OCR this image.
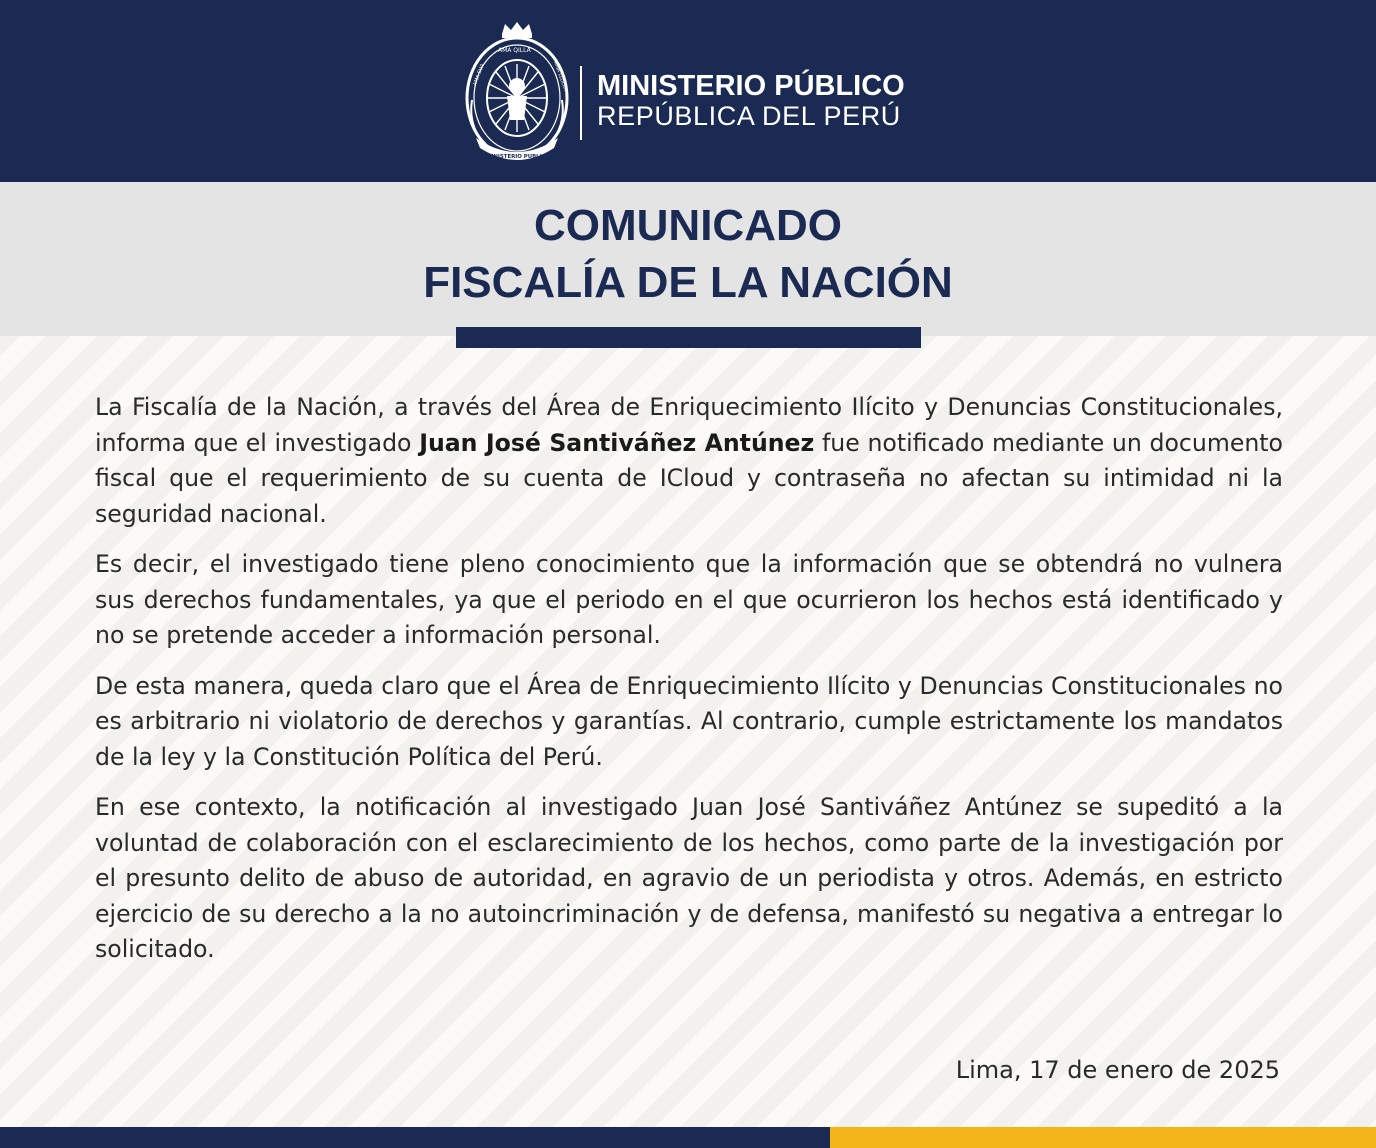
AMA QILLA
AMA SUA	AMA LLULLA
MINISTERIO PUBLICO
MINISTERIO PÚBLICO
REPÚBLICA DEL PERÚ
COMUNICADO
FISCALÍA DE LA NACIÓN

La Fiscalía de la Nación, a través del Área de Enriquecimiento Ilícito y Denuncias Constitucionales, informa que el investigado Juan José Santiváñez Antúnez fue notificado mediante un documento fiscal que el requerimiento de su cuenta de ICloud y contraseña no afectan su intimidad ni la seguridad nacional.

Es decir, el investigado tiene pleno conocimiento que la información que se obtendrá no vulnera sus derechos fundamentales, ya que el periodo en el que ocurrieron los hechos está identificado y no se pretende acceder a información personal.

De esta manera, queda claro que el Área de Enriquecimiento Ilícito y Denuncias Constitucionales no es arbitrario ni violatorio de derechos y garantías. Al contrario, cumple estrictamente los mandatos de la ley y la Constitución Política del Perú.

En ese contexto, la notificación al investigado Juan José Santiváñez Antúnez se supeditó a la voluntad de colaboración con el esclarecimiento de los hechos, como parte de la investigación por el presunto delito de abuso de autoridad, en agravio de un periodista y otros. Además, en estricto ejercicio de su derecho a la no autoincriminación y de defensa, manifestó su negativa a entregar lo solicitado.

Lima, 17 de enero de 2025
